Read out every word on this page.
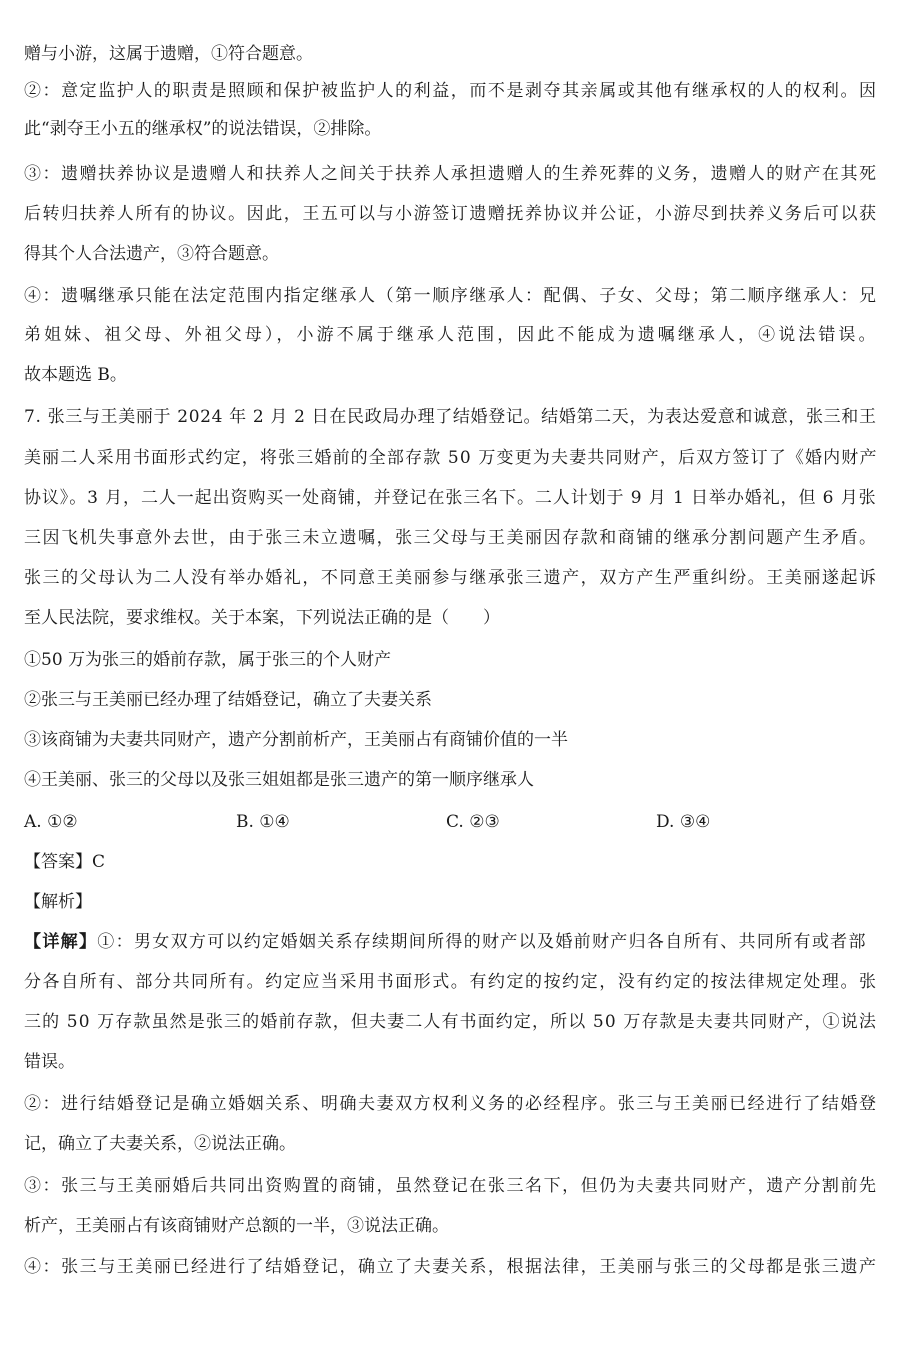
赠与小游，这属于遗赠，①符合题意。
②：意定监护人的职责是照顾和保护被监护人的利益，而不是剥夺其亲属或其他有继承权的人的权利。因
此“剥夺王小五的继承权”的说法错误，②排除。
③：遗赠扶养协议是遗赠人和扶养人之间关于扶养人承担遗赠人的生养死葬的义务，遗赠人的财产在其死
后转归扶养人所有的协议。因此，王五可以与小游签订遗赠抚养协议并公证，小游尽到扶养义务后可以获
得其个人合法遗产，③符合题意。
④：遗嘱继承只能在法定范围内指定继承人（第一顺序继承人：配偶、子女、父母；第二顺序继承人：兄
弟姐妹、祖父母、外祖父母），小游不属于继承人范围，因此不能成为遗嘱继承人，④说法错误。
故本题选 B。
7. 张三与王美丽于 2024 年 2 月 2 日在民政局办理了结婚登记。结婚第二天，为表达爱意和诚意，张三和王
美丽二人采用书面形式约定，将张三婚前的全部存款 50 万变更为夫妻共同财产，后双方签订了《婚内财产
协议》。3 月，二人一起出资购买一处商铺，并登记在张三名下。二人计划于 9 月 1 日举办婚礼，但 6 月张
三因飞机失事意外去世，由于张三未立遗嘱，张三父母与王美丽因存款和商铺的继承分割问题产生矛盾。
张三的父母认为二人没有举办婚礼，不同意王美丽参与继承张三遗产，双方产生严重纠纷。王美丽遂起诉
至人民法院，要求维权。关于本案，下列说法正确的是（　　）
①50 万为张三的婚前存款，属于张三的个人财产
②张三与王美丽已经办理了结婚登记，确立了夫妻关系
③该商铺为夫妻共同财产，遗产分割前析产，王美丽占有商铺价值的一半
④王美丽、张三的父母以及张三姐姐都是张三遗产的第一顺序继承人
A. ①②	B. ①④	C. ②③	D. ③④
【答案】C
【解析】
【详解】①：男女双方可以约定婚姻关系存续期间所得的财产以及婚前财产归各自所有、共同所有或者部
分各自所有、部分共同所有。约定应当采用书面形式。有约定的按约定，没有约定的按法律规定处理。张
三的 50 万存款虽然是张三的婚前存款，但夫妻二人有书面约定，所以 50 万存款是夫妻共同财产，①说法
错误。
②：进行结婚登记是确立婚姻关系、明确夫妻双方权利义务的必经程序。张三与王美丽已经进行了结婚登
记，确立了夫妻关系，②说法正确。
③：张三与王美丽婚后共同出资购置的商铺，虽然登记在张三名下，但仍为夫妻共同财产，遗产分割前先
析产，王美丽占有该商铺财产总额的一半，③说法正确。
④：张三与王美丽已经进行了结婚登记，确立了夫妻关系，根据法律，王美丽与张三的父母都是张三遗产
